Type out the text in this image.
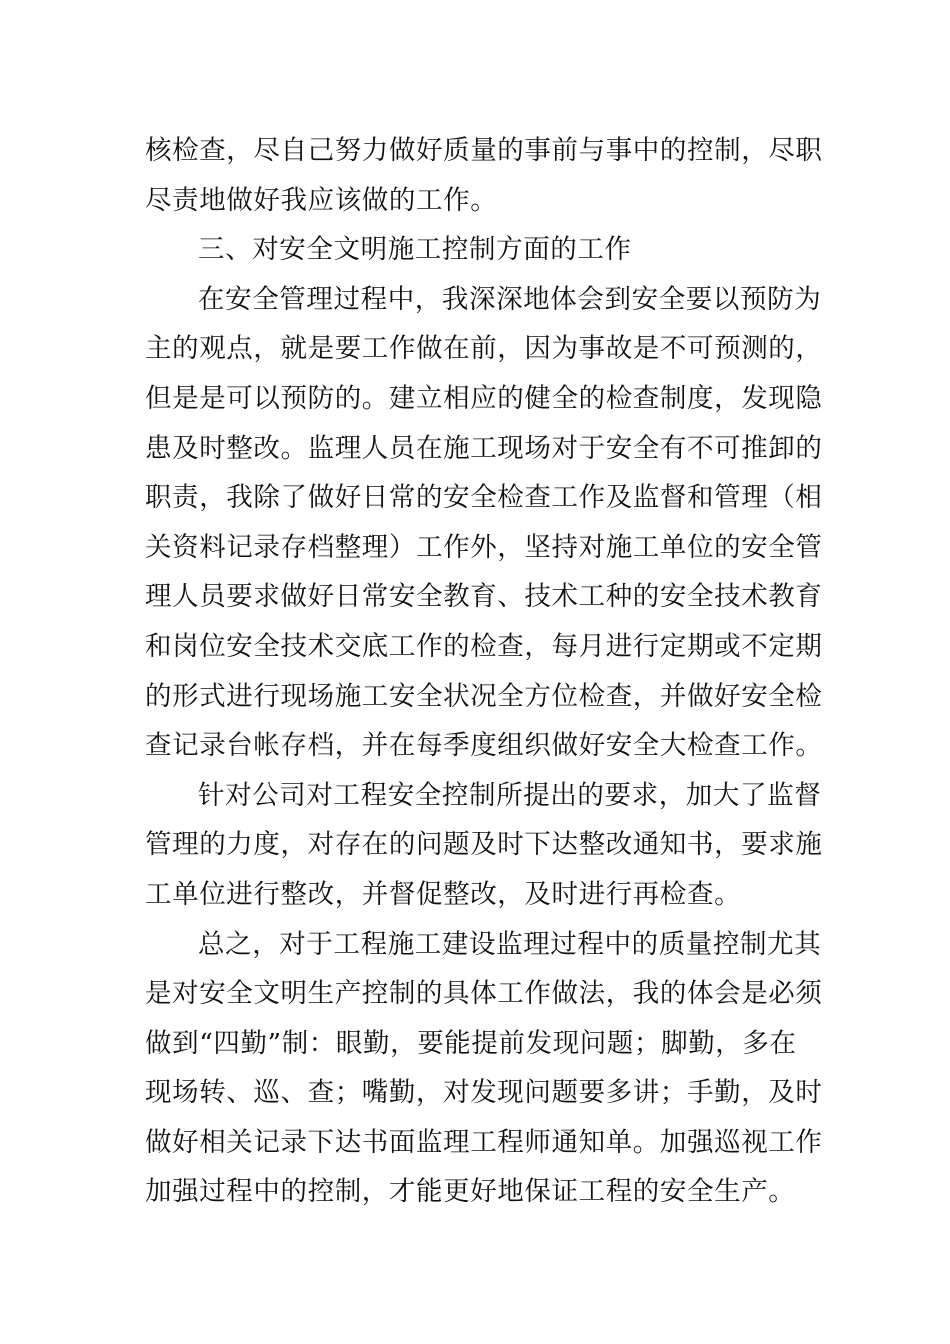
核检查，尽自己努力做好质量的事前与事中的控制，尽职
尽责地做好我应该做的工作。
三、对安全文明施工控制方面的工作
在安全管理过程中，我深深地体会到安全要以预防为
主的观点，就是要工作做在前，因为事故是不可预测的，
但是是可以预防的。建立相应的健全的检查制度，发现隐
患及时整改。监理人员在施工现场对于安全有不可推卸的
职责，我除了做好日常的安全检查工作及监督和管理（相
关资料记录存档整理）工作外，坚持对施工单位的安全管
理人员要求做好日常安全教育、技术工种的安全技术教育
和岗位安全技术交底工作的检查，每月进行定期或不定期
的形式进行现场施工安全状况全方位检查，并做好安全检
查记录台帐存档，并在每季度组织做好安全大检查工作。
针对公司对工程安全控制所提出的要求，加大了监督
管理的力度，对存在的问题及时下达整改通知书，要求施
工单位进行整改，并督促整改，及时进行再检查。
总之，对于工程施工建设监理过程中的质量控制尤其
是对安全文明生产控制的具体工作做法，我的体会是必须
做到“四勤”制：眼勤，要能提前发现问题；脚勤，多在
现场转、巡、查；嘴勤，对发现问题要多讲；手勤，及时
做好相关记录下达书面监理工程师通知单。加强巡视工作
加强过程中的控制，才能更好地保证工程的安全生产。
